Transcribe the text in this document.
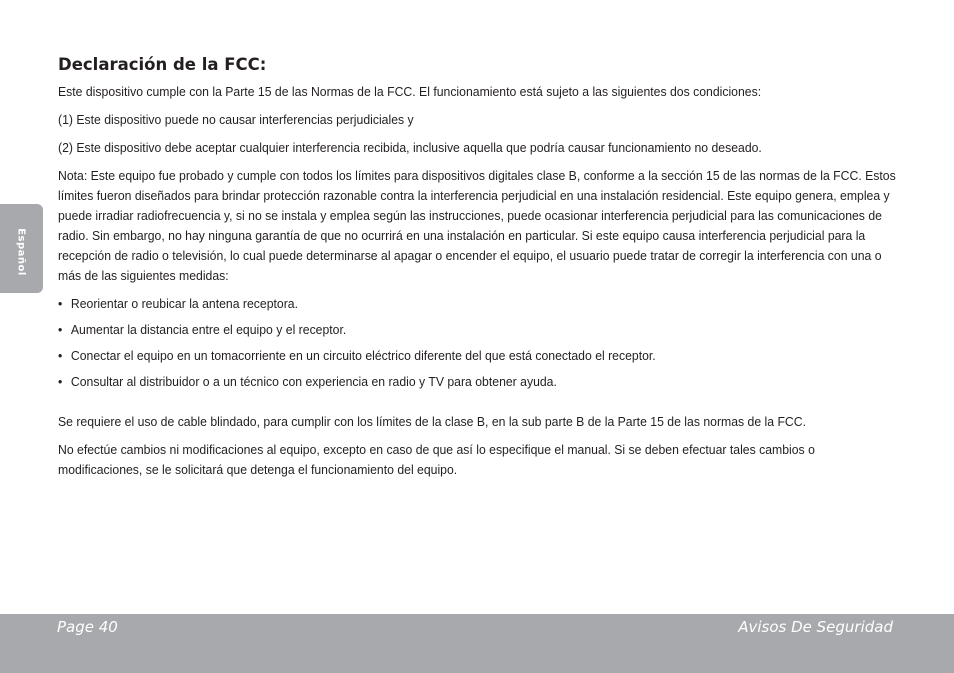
Español
Declaración de la FCC:

Este dispositivo cumple con la Parte 15 de las Normas de la FCC. El funcionamiento está sujeto a las siguientes dos condiciones:

(1) Este dispositivo puede no causar interferencias perjudiciales y

(2) Este dispositivo debe aceptar cualquier interferencia recibida, inclusive aquella que podría causar funcionamiento no deseado.

Nota: Este equipo fue probado y cumple con todos los límites para dispositivos digitales clase B, conforme a la sección 15 de las normas de la FCC. Estos límites fueron diseñados para brindar protección razonable contra la interferencia perjudicial en una instalación residencial. Este equipo genera, emplea y puede irradiar radiofrecuencia y, si no se instala y emplea según las instrucciones, puede ocasionar interferencia perjudicial para las comunicaciones de radio. Sin embargo, no hay ninguna garantía de que no ocurrirá en una instalación en particular. Si este equipo causa interferencia perjudicial para la recepción de radio o televisión, lo cual puede determinarse al apagar o encender el equipo, el usuario puede tratar de corregir la interferencia con una o más de las siguientes medidas:

• Reorientar o reubicar la antena receptora.
• Aumentar la distancia entre el equipo y el receptor.
• Conectar el equipo en un tomacorriente en un circuito eléctrico diferente del que está conectado el receptor.
• Consultar al distribuidor o a un técnico con experiencia en radio y TV para obtener ayuda.

Se requiere el uso de cable blindado, para cumplir con los límites de la clase B, en la sub parte B de la Parte 15 de las normas de la FCC.

No efectúe cambios ni modificaciones al equipo, excepto en caso de que así lo especifique el manual. Si se deben efectuar tales cambios o modificaciones, se le solicitará que detenga el funcionamiento del equipo.

Page 40	Avisos De Seguridad
